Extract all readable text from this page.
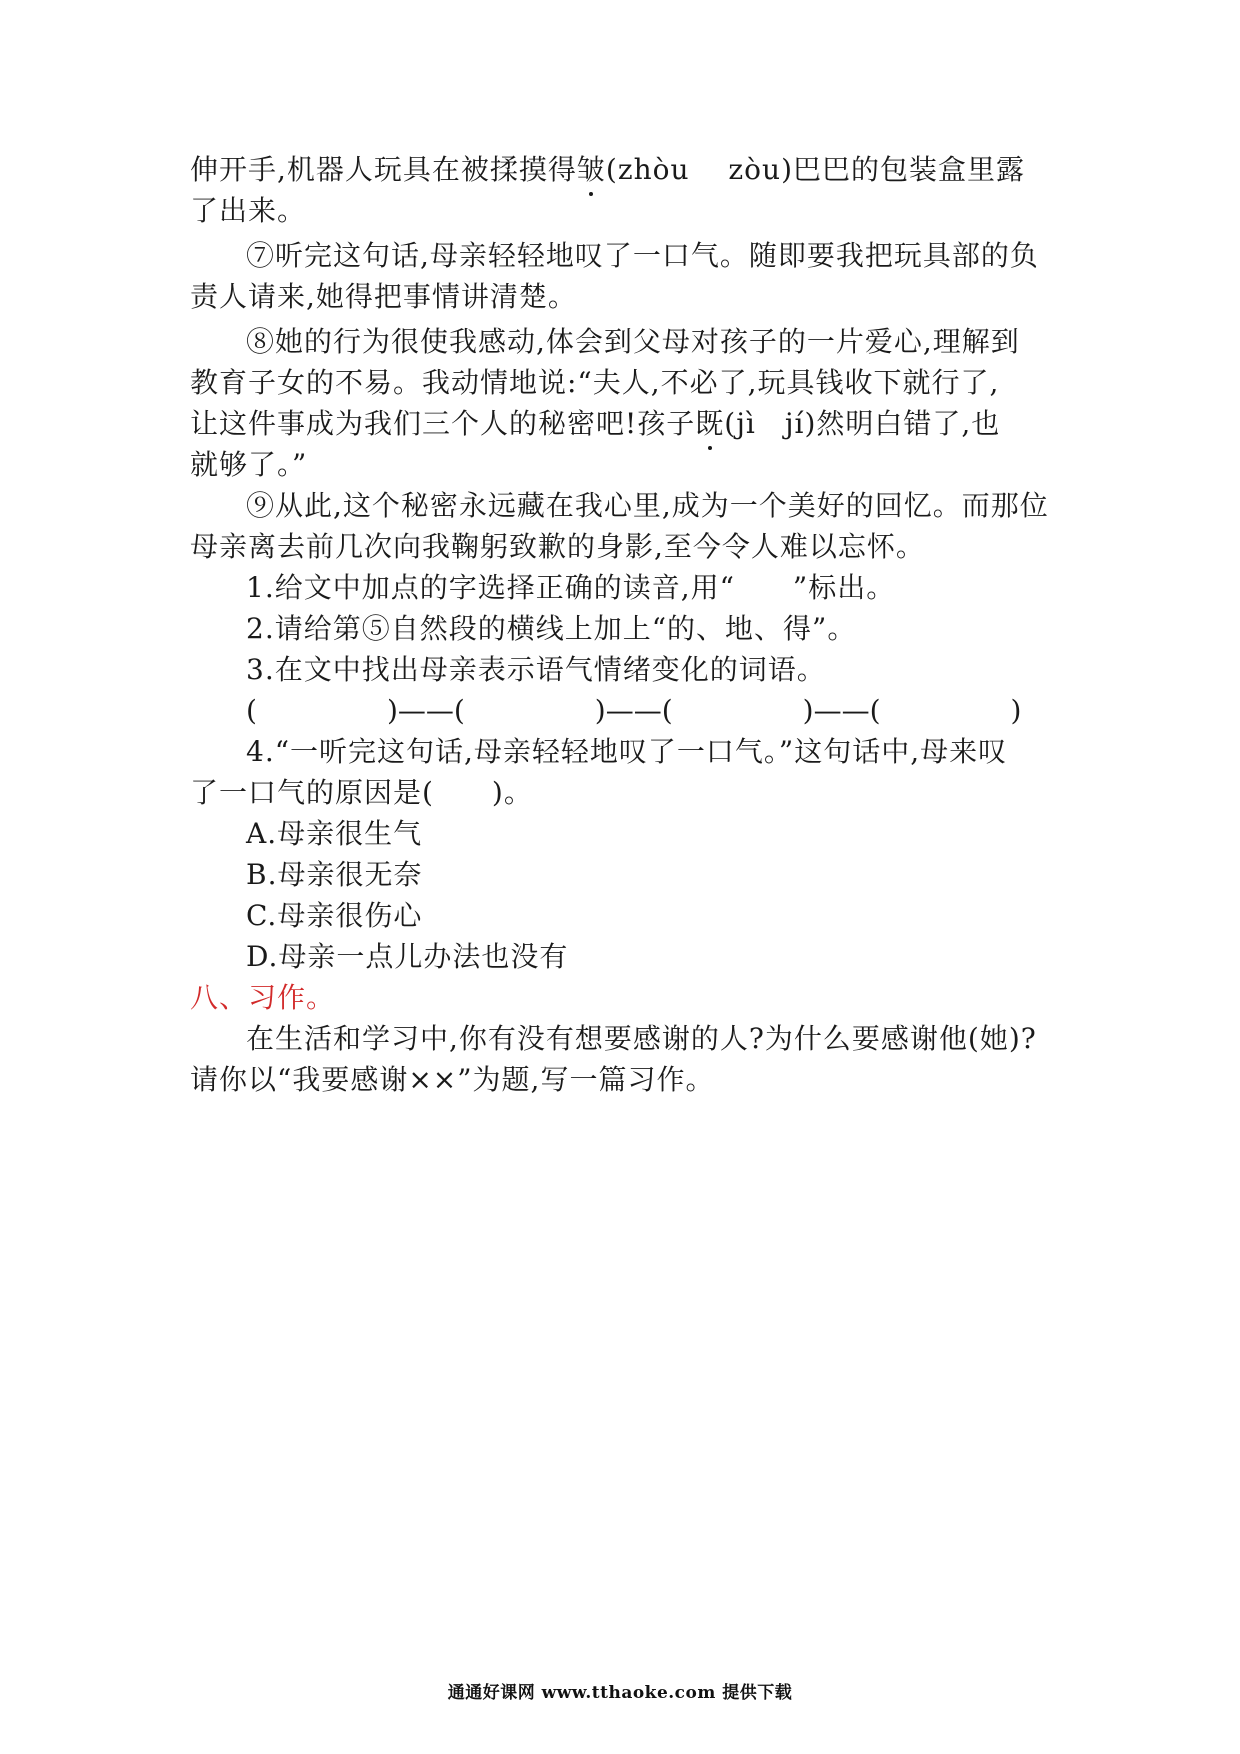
伸开手,机器人玩具在被揉摸得皱(zhòu　 zòu)巴巴的包装盒里露
了出来。
⑦听完这句话,母亲轻轻地叹了一口气。随即要我把玩具部的负
责人请来,她得把事情讲清楚。
⑧她的行为很使我感动,体会到父母对孩子的一片爱心,理解到
教育子女的不易。我动情地说:“夫人,不必了,玩具钱收下就行了,
让这件事成为我们三个人的秘密吧!孩子既(jì　jí)然明白错了,也
就够了。”
⑨从此,这个秘密永远藏在我心里,成为一个美好的回忆。而那位
母亲离去前几次向我鞠躬致歉的身影,至今令人难以忘怀。
1.给文中加点的字选择正确的读音,用“　　”标出。
2.请给第⑤自然段的横线上加上“的、地、得”。
3.在文中找出母亲表示语气情绪变化的词语。
(	)——(	)——(	)——(	)
4.“一听完这句话,母亲轻轻地叹了一口气。”这句话中,母来叹
了一口气的原因是(　　)。
A.母亲很生气
B.母亲很无奈
C.母亲很伤心
D.母亲一点儿办法也没有
八、习作。
在生活和学习中,你有没有想要感谢的人?为什么要感谢他(她)?
请你以“我要感谢××”为题,写一篇习作。
通通好课网 www.tthaoke.com 提供下载
